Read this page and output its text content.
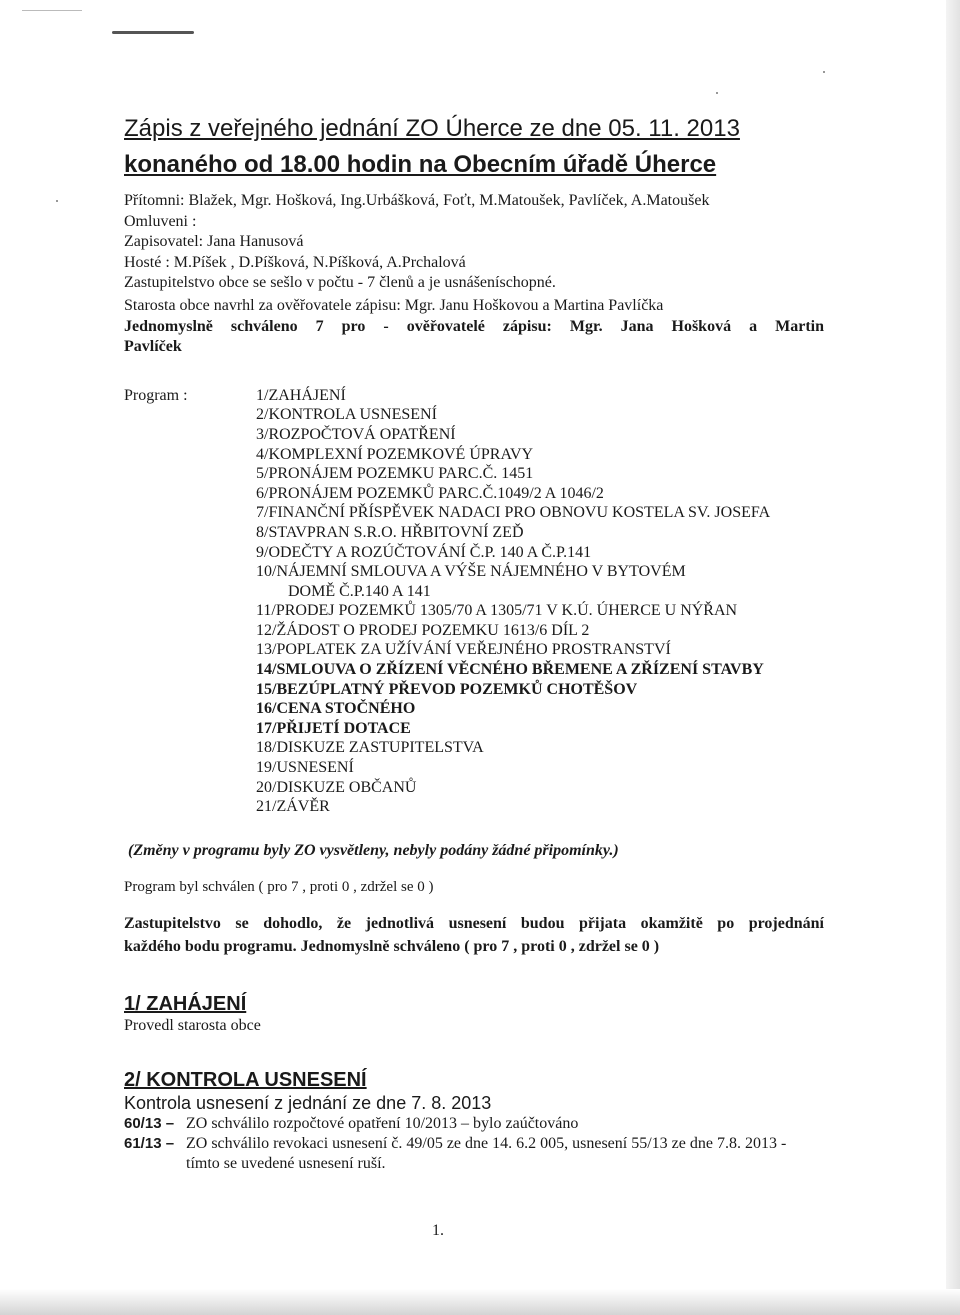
Zápis z veřejného jednání ZO Úherce ze dne 05. 11. 2013
konaného od 18.00 hodin na Obecním úřadě Úherce

Přítomni: Blažek, Mgr. Hošková, Ing.Urbášková, Foťt, M.Matoušek, Pavlíček, A.Matoušek

Omluveni :

Zapisovatel: Jana Hanusová

Hosté : M.Píšek , D.Píšková, N.Píšková, A.Prchalová

Zastupitelstvo obce se sešlo v počtu - 7 členů a je usnášeníschopné.

Starosta obce navrhl za ověřovatele zápisu: Mgr. Janu Hoškovou a Martina Pavlíčka

Jednomyslně schváleno 7 pro - ověřovatelé zápisu: Mgr. Jana Hošková a Martin

Pavlíček

Program :	1/ZAHÁJENÍ
2/KONTROLA USNESENÍ
3/ROZPOČTOVÁ OPATŘENÍ
4/KOMPLEXNÍ POZEMKOVÉ ÚPRAVY
5/PRONÁJEM POZEMKU PARC.Č. 1451
6/PRONÁJEM POZEMKŮ PARC.Č.1049/2 A 1046/2
7/FINANČNÍ PŘÍSPĚVEK NADACI PRO OBNOVU KOSTELA SV. JOSEFA
8/STAVPRAN S.R.O. HŘBITOVNÍ ZEĎ
9/ODEČTY A ROZÚČTOVÁNÍ Č.P. 140 A Č.P.141
10/NÁJEMNÍ SMLOUVA A VÝŠE NÁJEMNÉHO V BYTOVÉM
DOMĚ Č.P.140 A 141
11/PRODEJ POZEMKŮ 1305/70 A 1305/71 V K.Ú. ÚHERCE U NÝŘAN
12/ŽÁDOST O PRODEJ POZEMKU 1613/6 DÍL 2
13/POPLATEK ZA UŽÍVÁNÍ VEŘEJNÉHO PROSTRANSTVÍ
14/SMLOUVA O ZŘÍZENÍ VĚCNÉHO BŘEMENE A ZŘÍZENÍ STAVBY
15/BEZÚPLATNÝ PŘEVOD POZEMKŮ CHOTĚŠOV
16/CENA STOČNÉHO
17/PŘIJETÍ DOTACE
18/DISKUZE ZASTUPITELSTVA
19/USNESENÍ
20/DISKUZE OBČANŮ
21/ZÁVĚR

(Změny v programu byly ZO vysvětleny, nebyly podány žádné připomínky.)

Program byl schválen ( pro 7 , proti 0 , zdržel se 0 )

Zastupitelstvo se dohodlo, že jednotlivá usnesení budou přijata okamžitě po projednání
každého bodu programu. Jednomyslně schváleno ( pro 7 , proti 0 , zdržel se 0 )
1/ ZAHÁJENÍ
Provedl starosta obce
2/ KONTROLA USNESENÍ
Kontrola usnesení z jednání ze dne 7. 8. 2013
60/13 – ZO schválilo rozpočtové opatření 10/2013 – bylo zaúčtováno
61/13 – ZO schválilo revokaci usnesení č. 49/05 ze dne 14. 6.2 005, usnesení 55/13 ze dne 7.8. 2013 - tímto se uvedené usnesení ruší.
1.
